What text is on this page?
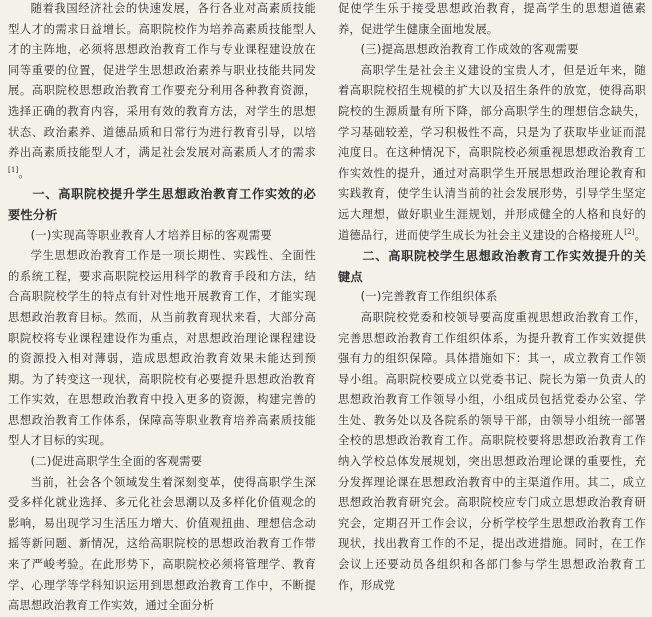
随着我国经济社会的快速发展，各行各业对高素质技能型人才的需求日益增长。高职院校作为培养高素质技能型人才的主阵地，必须将思想政治教育工作与专业课程建设放在同等重要的位置，促进学生思想政治素养与职业技能共同发展。高职院校思想政治教育工作要充分利用各种教育资源，选择正确的教育内容，采用有效的教育方法，对学生的思想状态、政治素养、道德品质和日常行为进行教育引导，以培养出高素质技能型人才，满足社会发展对高素质人才的需求[1]。

一、高职院校提升学生思想政治教育工作实效的必要性分析

(一)实现高等职业教育人才培养目标的客观需要

学生思想政治教育工作是一项长期性、实践性、全面性的系统工程，要求高职院校运用科学的教育手段和方法，结合高职院校学生的特点有针对性地开展教育工作，才能实现思想政治教育目标。然而，从当前教育现状来看，大部分高职院校将专业课程建设作为重点，对思想政治理论课程建设的资源投入相对薄弱，造成思想政治教育效果未能达到预期。为了转变这一现状，高职院校有必要提升思想政治教育工作实效，在思想政治教育中投入更多的资源，构建完善的思想政治教育工作体系，保障高等职业教育培养高素质技能型人才目标的实现。

(二)促进高职学生全面的客观需要

当前，社会各个领域发生着深刻变革，使得高职学生深受多样化就业选择、多元化社会思潮以及多样化价值观念的影响，易出现学习生活压力增大、价值观扭曲、理想信念动摇等新问题、新情况，这给高职院校的思想政治教育工作带来了严峻考验。在此形势下，高职院校必须将管理学、教育学、心理学等学科知识运用到思想政治教育工作中，不断提高思想政治教育工作实效，通过全面分析

促使学生乐于接受思想政治教育，提高学生的思想道德素养，促进学生健康全面地发展。

(三)提高思想政治教育工作成效的客观需要

高职学生是社会主义建设的宝贵人才，但是近年来，随着高职院校招生规模的扩大以及招生条件的放宽，使得高职院校的生源质量有所下降，部分高职学生的理想信念缺失，学习基础较差，学习积极性不高，只是为了获取毕业证而混沌度日。在这种情况下，高职院校必须重视思想政治教育工作实效性的提升，通过对高职学生开展思想政治理论教育和实践教育，使学生认清当前的社会发展形势，引导学生坚定远大理想，做好职业生涯规划，并形成健全的人格和良好的道德品行，进而使学生成长为社会主义建设的合格接班人[2]。

二、高职院校学生思想政治教育工作实效提升的关键点

(一)完善教育工作组织体系

高职院校党委和校领导要高度重视思想政治教育工作，完善思想政治教育工作组织体系，为提升教育工作实效提供强有力的组织保障。具体措施如下：其一，成立教育工作领导小组。高职院校要成立以党委书记、院长为第一负责人的思想政治教育工作领导小组，小组成员包括党委办公室、学生处、教务处以及各院系的领导干部，由领导小组统一部署全校的思想政治教育工作。高职院校要将思想政治教育工作纳入学校总体发展规划，突出思想政治理论课的重要性，充分发挥理论课在思想政治教育中的主渠道作用。其二，成立思想政治教育研究会。高职院校应专门成立思想政治教育研究会，定期召开工作会议，分析学校学生思想政治教育工作现状，找出教育工作的不足，提出改进措施。同时，在工作会议上还要动员各组织和各部门参与学生思想政治教育工作，形成党
